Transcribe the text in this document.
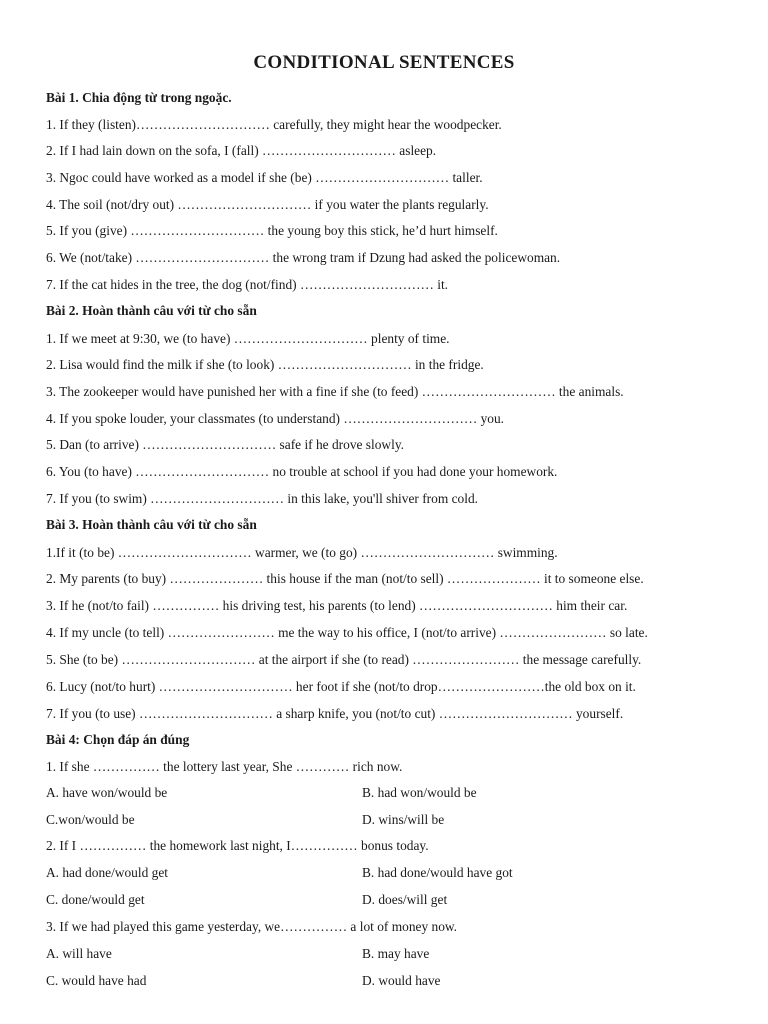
CONDITIONAL SENTENCES
Bài 1. Chia động từ trong ngoặc.
1. If they (listen)………………………… carefully, they might hear the woodpecker.
2. If I had lain down on the sofa, I (fall) ………………………… asleep.
3. Ngoc could have worked as a model if she (be) ………………………… taller.
4. The soil (not/dry out) ………………………… if you water the plants regularly.
5. If you (give) ………………………… the young boy this stick, he’d hurt himself.
6. We (not/take) ………………………… the wrong tram if Dzung had asked the policewoman.
7. If the cat hides in the tree, the dog (not/find) ………………………… it.
Bài 2. Hoàn thành câu với từ cho sẵn
1. If we meet at 9:30, we (to have) ………………………… plenty of time.
2. Lisa would find the milk if she (to look) ………………………… in the fridge.
3. The zookeeper would have punished her with a fine if she (to feed) ………………………… the animals.
4. If you spoke louder, your classmates (to understand) ………………………… you.
5. Dan (to arrive) ………………………… safe if he drove slowly.
6. You (to have) ………………………… no trouble at school if you had done your homework.
7. If you (to swim) ………………………… in this lake, you'll shiver from cold.
Bài 3. Hoàn thành câu với từ cho sẵn
1.If it (to be) ………………………… warmer, we (to go) ………………………… swimming.
2. My parents (to buy) ………………… this house if the man (not/to sell) ………………… it to someone else.
3. If he (not/to fail) …………… his driving test, his parents (to lend) ………………………… him their car.
4. If my uncle (to tell) …………………… me the way to his office, I (not/to arrive) …………………… so late.
5. She (to be) ………………………… at the airport if she (to read) …………………… the message carefully.
6. Lucy (not/to hurt) ………………………… her foot if she (not/to drop……………………the old box on it.
7. If you (to use) ………………………… a sharp knife, you (not/to cut) ………………………… yourself.
Bài 4: Chọn đáp án đúng
1. If she …………… the lottery last year, She ………… rich now.
A. have won/would be	B. had won/would be
C.won/would be	D. wins/will be
2. If I …………… the homework last night, I…………… bonus today.
A. had done/would get	B. had done/would have got
C. done/would get	D. does/will get
3. If we had played this game yesterday, we…………… a lot of money now.
A. will have	B. may have
C. would have had	D. would have
